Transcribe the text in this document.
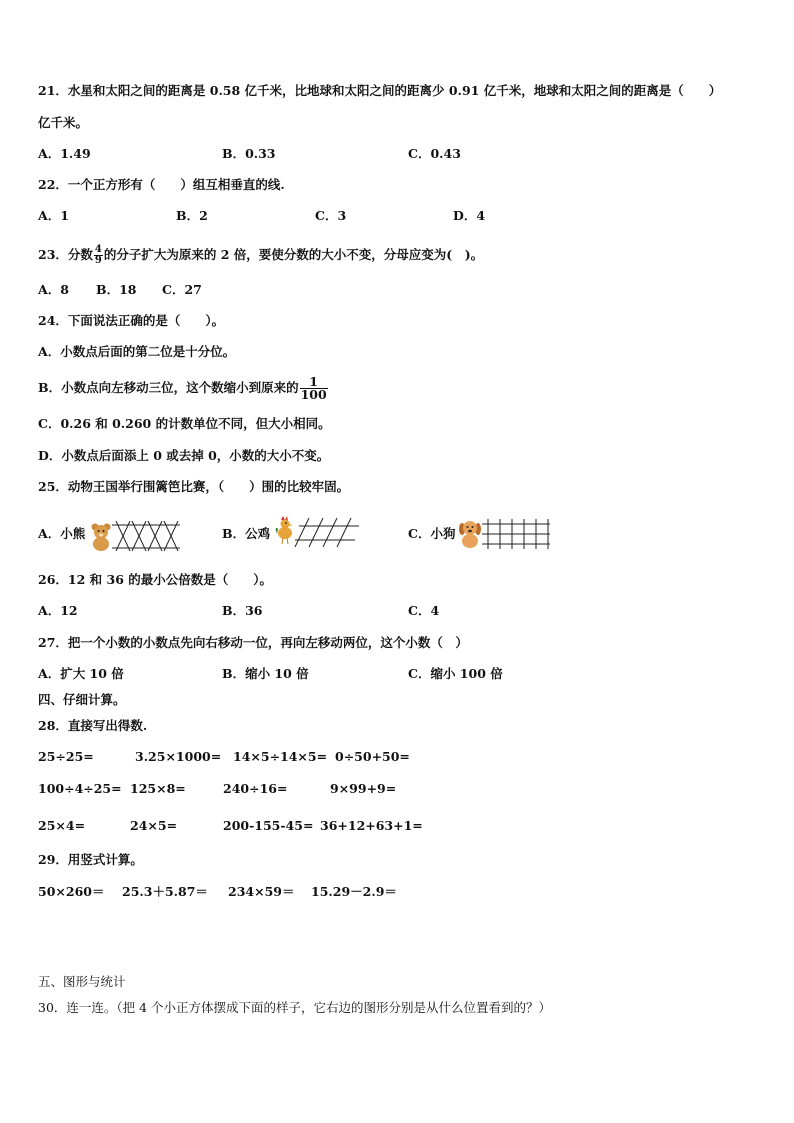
21．水星和太阳之间的距离是 0.58 亿千米，比地球和太阳之间的距离少 0.91 亿千米，地球和太阳之间的距离是（　　）
亿千米。
A．1.49	B．0.33	C．0.43
22．一个正方形有（　　）组互相垂直的线.
A．1	B．2	C．3	D．4
23．分数 $\frac{4}{9}$ 的分子扩大为原来的 2 倍，要使分数的大小不变，分母应变为(　)。
A．8 B．18 C．27
24．下面说法正确的是（　　）。
A．小数点后面的第二位是十分位。
B．小数点向左移动三位，这个数缩小到原来的 $\frac{1}{100}$
C．0.26 和 0.260 的计数单位不同，但大小相同。
D．小数点后面添上 0 或去掉 0，小数的大小不变。
25．动物王国举行围篱笆比赛，（　　）围的比较牢固。
A．小熊	B．公鸡	C．小狗
26．12 和 36 的最小公倍数是（　　）。
A．12	B．36	C．4
27．把一个小数的小数点先向右移动一位，再向左移动两位，这个小数（　）
A．扩大 10 倍	B．缩小 10 倍	C．缩小 100 倍
四、仔细计算。
28．直接写出得数.
25÷25=	3.25×1000= 14×5÷14×5= 0÷50+50=
100÷4÷25= 125×8=	240÷16=	9×99+9=
25×4=	24×5=	200-155-45= 36+12+63+1=
29．用竖式计算。
50×260＝ 25.3＋5.87＝ 234×59＝ 15.29－2.9＝
五、图形与统计
30．连一连。（把 4 个小正方体摆成下面的样子，它右边的图形分别是从什么位置看到的？）
